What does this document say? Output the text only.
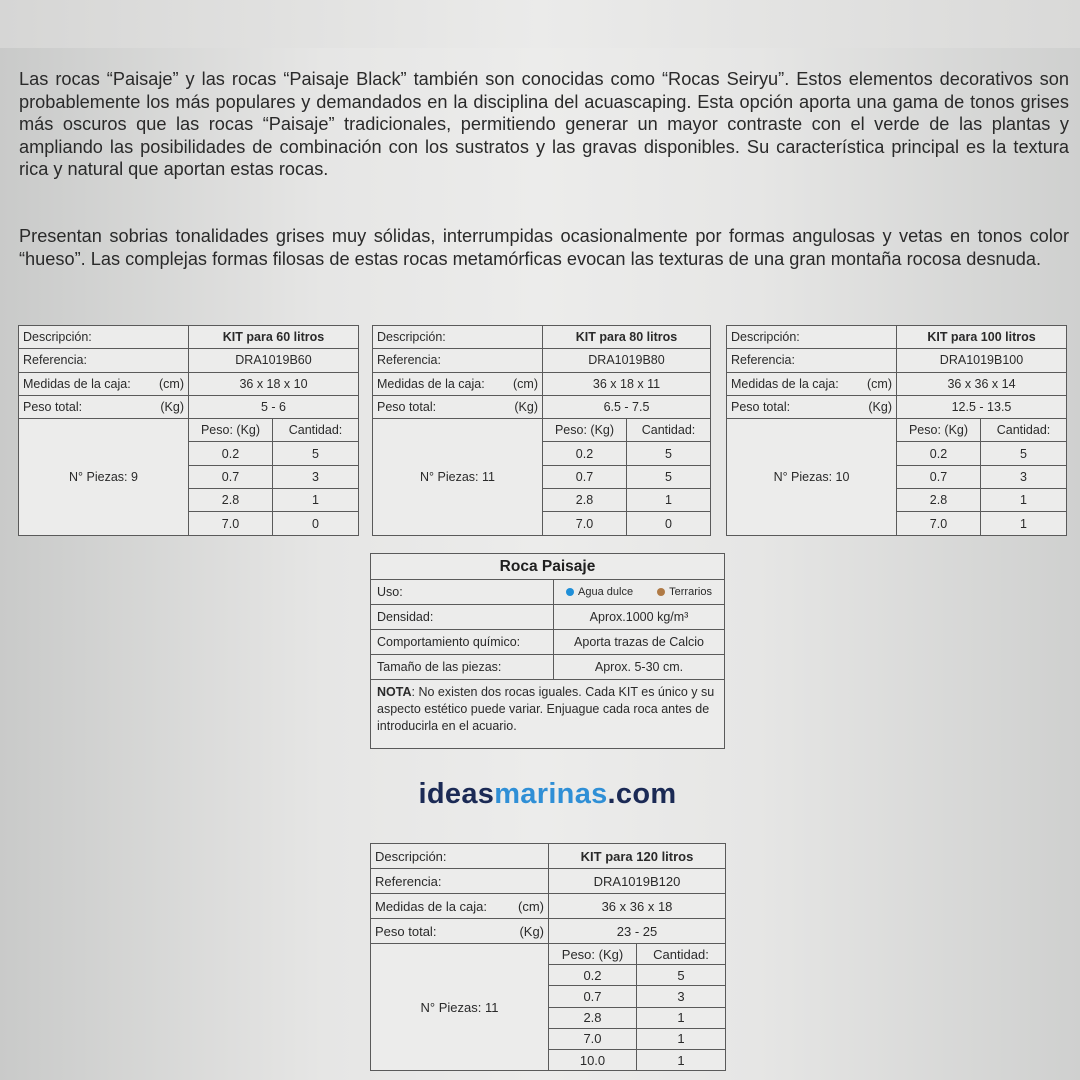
Las rocas “Paisaje” y las rocas “Paisaje Black” también son conocidas como “Rocas Seiryu”. Estos elementos decorativos son probablemente los más populares y demandados en la disciplina del acuascaping. Esta opción aporta una gama de tonos grises más oscuros que las rocas “Paisaje” tradicionales, permitiendo generar un mayor contraste con el verde de las plantas y ampliando las posibilidades de combinación con los sustratos y las gravas disponibles. Su característica principal es la textura rica y natural que aportan estas rocas.

Presentan sobrias tonalidades grises muy sólidas, interrumpidas ocasionalmente por formas angulosas y vetas en tonos color “hueso”. Las complejas formas filosas de estas rocas metamórficas evocan las texturas de una gran montaña rocosa desnuda.

Descripción:	KIT para 60 litros	
Referencia:	DRA1019B60	

Medidas de la caja: (cm)	36 x 18 x 10	

Peso total: (Kg)	5 - 6	
N° Piezas: 9	Peso: (Kg)	Cantidad:
	0.2	5
	0.7	3
	2.8	1
	7.0	0
Descripción:	KIT para 80 litros	
Referencia:	DRA1019B80	

Medidas de la caja: (cm)	36 x 18 x 11	

Peso total: (Kg)	6.5 - 7.5	
N° Piezas: 11	Peso: (Kg)	Cantidad:
	0.2	5
	0.7	5
	2.8	1
	7.0	0
Descripción:	KIT para 100 litros	
Referencia:	DRA1019B100	

Medidas de la caja: (cm)	36 x 36 x 14	

Peso total: (Kg)	12.5 - 13.5	
N° Piezas: 10	Peso: (Kg)	Cantidad:
	0.2	5
	0.7	3
	2.8	1
	7.0	1
Roca Paisaje
Uso:	Agua dulce	Terrarios
Densidad:	Aprox.1000 kg/m³
Comportamiento químico:	Aporta trazas de Calcio
Tamaño de las piezas:	Aprox. 5-30 cm.
NOTA: No existen dos rocas iguales. Cada KIT es único y su aspecto estético puede variar. Enjuague cada roca antes de introducirla en el acuario.
ideasmarinas.com
Descripción:	KIT para 120 litros	
Referencia:	DRA1019B120	

Medidas de la caja: (cm)	36 x 36 x 18	

Peso total: (Kg)	23 - 25	
N° Piezas: 11	Peso: (Kg)	Cantidad:
	0.2	5
	0.7	3
	2.8	1
	7.0	1
	10.0	1
